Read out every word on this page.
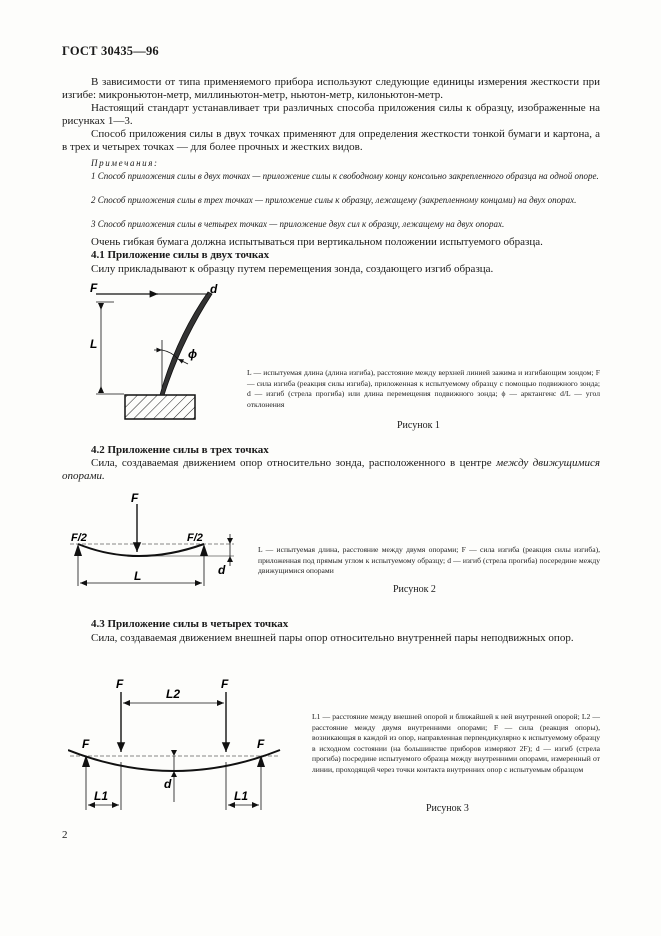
ГОСТ 30435—96
В зависимости от типа применяемого прибора используют следующие единицы измерения жесткости при изгибе: микроньютон-метр, миллиньютон-метр, ньютон-метр, килоньютон-метр.
Настоящий стандарт устанавливает три различных способа приложения силы к образцу, изображенные на рисунках 1—3.
Способ приложения силы в двух точках применяют для определения жесткости тонкой бумаги и картона, а в трех и четырех точках — для более прочных и жестких видов.
Примечания:
1 Способ приложения силы в двух точках — приложение силы к свободному концу консольно закрепленного образца на одной опоре.
2 Способ приложения силы в трех точках — приложение силы к образцу, лежащему (закрепленному концами) на двух опорах.
3 Способ приложения силы в четырех точках — приложение двух сил к образцу, лежащему на двух опорах.
Очень гибкая бумага должна испытываться при вертикальном положении испытуемого образца.
4.1 Приложение силы в двух точках
Силу прикладывают к образцу путем перемещения зонда, создающего изгиб образца.
F	d
L
ϕ
L — испытуемая длина (длина изгиба), расстояние между верхней линией зажима и изгибающим зондом; F — сила изгиба (реакция силы изгиба), приложенная к испытуемому образцу с помощью подвижного зонда; d — изгиб (стрела прогиба) или длина перемещения подвижного зонда; ϕ — арктангенс d/L — угол отклонения
Рисунок 1
4.2 Приложение силы в трех точках
Сила, создаваемая движением опор относительно зонда, расположенного в центре между движущимися опорами.
F
F/2	F/2
L	d
L — испытуемая длина, расстояние между двумя опорами; F — сила изгиба (реакция силы изгиба), приложенная под прямым углом к испытуемому образцу; d — изгиб (стрела прогиба) посередине между движущимися опорами
Рисунок 2
4.3 Приложение силы в четырех точках
Сила, создаваемая движением внешней пары опор относительно внутренней пары неподвижных опор.
F	F
F	F
L2
L1	L1
d
L1 — расстояние между внешней опорой и ближайшей к ней внутренней опорой; L2 — расстояние между двумя внутренними опорами; F — сила (реакция опоры), возникающая в каждой из опор, направленная перпендикулярно к испытуемому образцу в исходном состоянии (на большинстве приборов измеряют 2F); d — изгиб (стрела прогиба) посредине испытуемого образца между внутренними опорами, измеренный от линии, проходящей через точки контакта внутренних опор с испытуемым образцом
Рисунок 3
2
